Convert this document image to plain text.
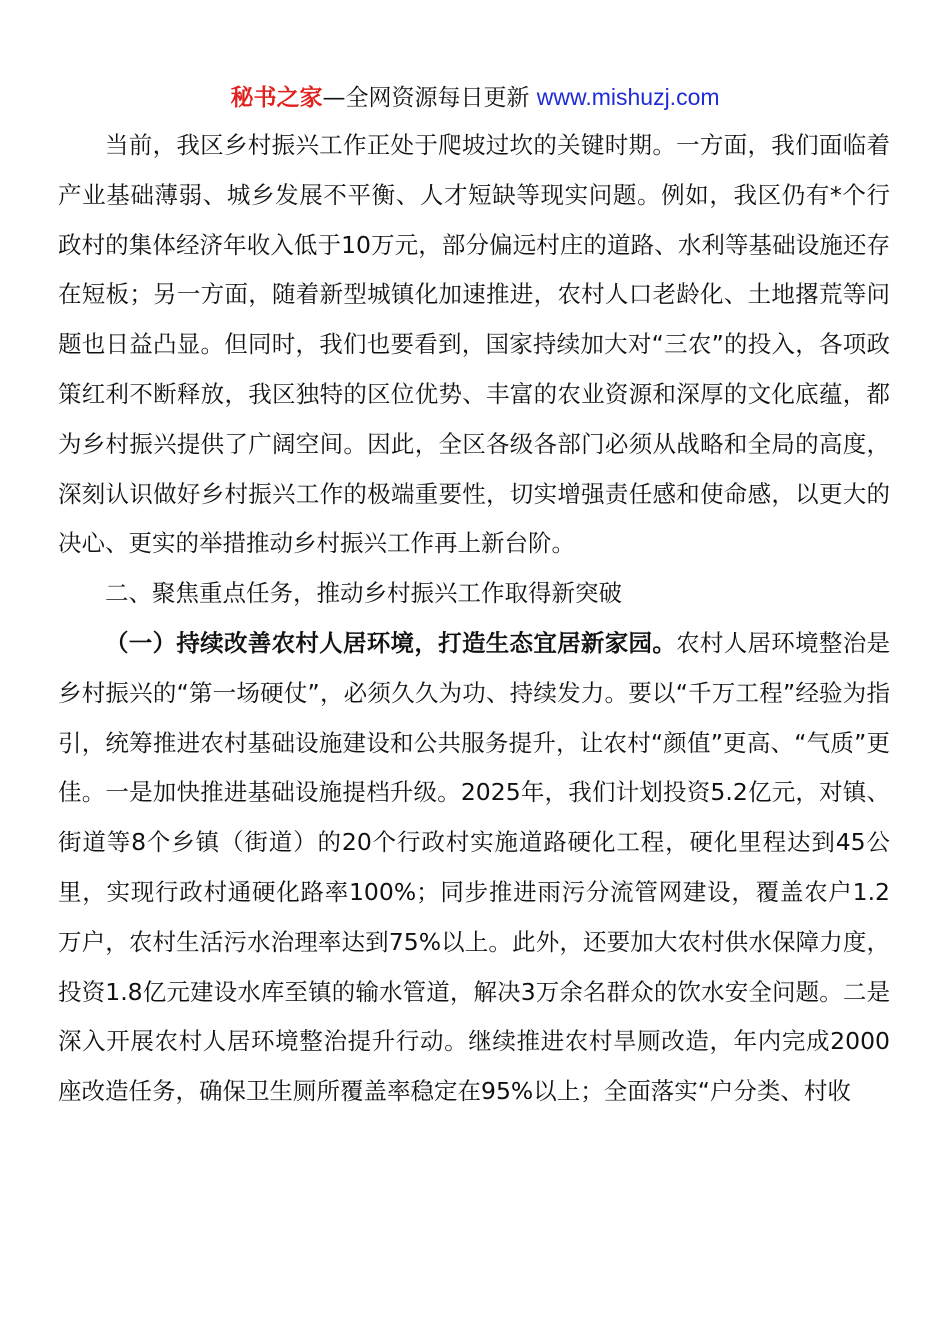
秘书之家—全网资源每日更新 www.mishuzj.com

当前，我区乡村振兴工作正处于爬坡过坎的关键时期。一方面，我们面临着产业基础薄弱、城乡发展不平衡、人才短缺等现实问题。例如，我区仍有*个行政村的集体经济年收入低于10万元，部分偏远村庄的道路、水利等基础设施还存在短板；另一方面，随着新型城镇化加速推进，农村人口老龄化、土地撂荒等问题也日益凸显。但同时，我们也要看到，国家持续加大对“三农”的投入，各项政策红利不断释放，我区独特的区位优势、丰富的农业资源和深厚的文化底蕴，都为乡村振兴提供了广阔空间。因此，全区各级各部门必须从战略和全局的高度，深刻认识做好乡村振兴工作的极端重要性，切实增强责任感和使命感，以更大的决心、更实的举措推动乡村振兴工作再上新台阶。

二、聚焦重点任务，推动乡村振兴工作取得新突破

（一）持续改善农村人居环境，打造生态宜居新家园。农村人居环境整治是乡村振兴的“第一场硬仗”，必须久久为功、持续发力。要以“千万工程”经验为指引，统筹推进农村基础设施建设和公共服务提升，让农村“颜值”更高、“气质”更佳。一是加快推进基础设施提档升级。2025年，我们计划投资5.2亿元，对镇、街道等8个乡镇（街道）的20个行政村实施道路硬化工程，硬化里程达到45公里，实现行政村通硬化路率100%；同步推进雨污分流管网建设，覆盖农户1.2万户，农村生活污水治理率达到75%以上。此外，还要加大农村供水保障力度，投资1.8亿元建设水库至镇的输水管道，解决3万余名群众的饮水安全问题。二是深入开展农村人居环境整治提升行动。继续推进农村旱厕改造，年内完成2000座改造任务，确保卫生厕所覆盖率稳定在95%以上；全面落实“户分类、村收
